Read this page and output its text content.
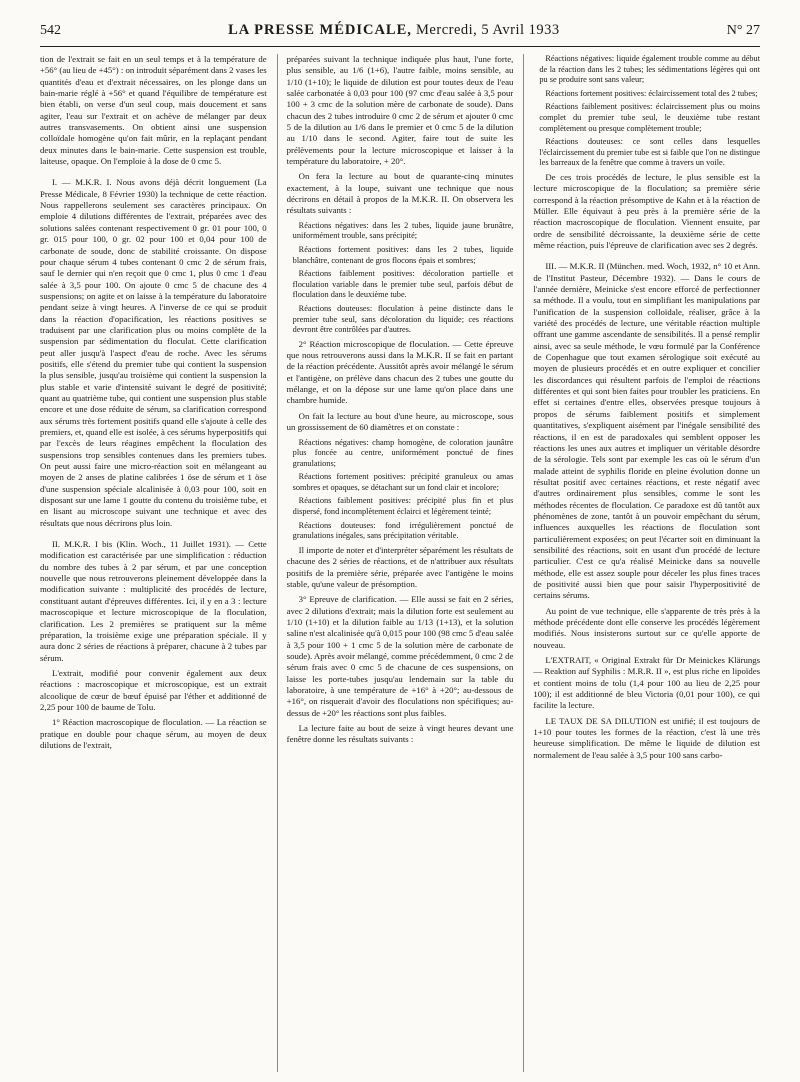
542	LA PRESSE MÉDICALE, Mercredi, 5 Avril 1933	N° 27

tion de l'extrait se fait en un seul temps et à la température de +56° (au lieu de +45°) : on introduit séparément dans 2 vases les quantités d'eau et d'extrait nécessaires, on les plonge dans un bain-marie réglé à +56° et quand l'équilibre de température est bien établi, on verse d'un seul coup, mais doucement et sans agiter, l'eau sur l'extrait et on achève de mélanger par deux autres transvasements. On obtient ainsi une suspension colloïdale homogène qu'on fait mûrir, en la replaçant pendant deux minutes dans le bain-marie. Cette suspension est trouble, laiteuse, opaque. On l'emploie à la dose de 0 cmc 5.

I. — M.K.R. I. Nous avons déjà décrit longuement (La Presse Médicale, 8 Février 1930) la technique de cette réaction. Nous rappellerons seulement ses caractères principaux. On emploie 4 dilutions différentes de l'extrait, préparées avec des solutions salées contenant respectivement 0 gr. 01 pour 100, 0 gr. 015 pour 100, 0 gr. 02 pour 100 et 0,04 pour 100 de carbonate de soude, donc de stabilité croissante. On dispose pour chaque sérum 4 tubes contenant 0 cmc 2 de sérum frais, sauf le dernier qui n'en reçoit que 0 cmc 1, plus 0 cmc 1 d'eau salée à 3,5 pour 100. On ajoute 0 cmc 5 de chacune des 4 suspensions; on agite et on laisse à la température du laboratoire pendant seize à vingt heures. A l'inverse de ce qui se produit dans la réaction d'opacification, les réactions positives se traduisent par une clarification plus ou moins complète de la suspension par sédimentation du floculat. Cette clarification peut aller jusqu'à l'aspect d'eau de roche. Avec les sérums positifs, elle s'étend du premier tube qui contient la suspension la plus sensible, jusqu'au troisième qui contient la suspension la plus stable et varie d'intensité suivant le degré de positivité; quant au quatrième tube, qui contient une suspension plus stable encore et une dose réduite de sérum, sa clarification correspond aux sérums très fortement positifs quand elle s'ajoute à celle des premiers, et, quand elle est isolée, à ces sérums hyperpositifs qui par l'excès de leurs réagines empêchent la floculation des suspensions trop sensibles contenues dans les premiers tubes. On peut aussi faire une micro-réaction soit en mélangeant au moyen de 2 anses de platine calibrées 1 öse de sérum et 1 öse d'une suspension spéciale alcalinisée à 0,03 pour 100, soit en disposant sur une lame 1 goutte du contenu du troisième tube, et en lisant au microscope suivant une technique et avec des résultats que nous décrirons plus loin.

II. M.K.R. I bis (Klin. Woch., 11 Juillet 1931). — Cette modification est caractérisée par une simplification : réduction du nombre des tubes à 2 par sérum, et par une conception nouvelle que nous retrouverons pleinement développée dans la modification suivante : multiplicité des procédés de lecture, constituant autant d'épreuves différentes. Ici, il y en a 3 : lecture macroscopique et lecture microscopique de la floculation, clarification. Les 2 premières se pratiquent sur la même préparation, la troisième exige une préparation spéciale. Il y aura donc 2 séries de réactions à préparer, chacune à 2 tubes par sérum.

L'extrait, modifié pour convenir également aux deux réactions : macroscopique et microscopique, est un extrait alcoolique de cœur de bœuf épuisé par l'éther et additionné de 2,25 pour 100 de baume de Tolu.

1° Réaction macroscopique de floculation. — La réaction se pratique en double pour chaque sérum, au moyen de deux dilutions de l'extrait,

préparées suivant la technique indiquée plus haut, l'une forte, plus sensible, au 1/6 (1+6), l'autre faible, moins sensible, au 1/10 (1+10); le liquide de dilution est pour toutes deux de l'eau salée carbonatée à 0,03 pour 100 (97 cmc d'eau salée à 3,5 pour 100 + 3 cmc de la solution mère de carbonate de soude). Dans chacun des 2 tubes introduire 0 cmc 2 de sérum et ajouter 0 cmc 5 de la dilution au 1/6 dans le premier et 0 cmc 5 de la dilution au 1/10 dans le second. Agiter, faire tout de suite les prélèvements pour la lecture microscopique et laisser à la température du laboratoire, + 20°.

On fera la lecture au bout de quarante-cinq minutes exactement, à la loupe, suivant une technique que nous décrirons en détail à propos de la M.K.R. II. On observera les résultats suivants :

Réactions négatives: dans les 2 tubes, liquide jaune brunâtre, uniformément trouble, sans précipité;

Réactions fortement positives: dans les 2 tubes, liquide blanchâtre, contenant de gros flocons épais et sombres;

Réactions faiblement positives: décoloration partielle et floculation variable dans le premier tube seul, parfois début de floculation dans le deuxième tube.

Réactions douteuses: floculation à peine distincte dans le premier tube seul, sans décoloration du liquide; ces réactions devront être contrôlées par d'autres.

2° Réaction microscopique de floculation. — Cette épreuve que nous retrouverons aussi dans la M.K.R. II se fait en partant de la réaction précédente. Aussitôt après avoir mélangé le sérum et l'antigène, on prélève dans chacun des 2 tubes une goutte du mélange, et on la dépose sur une lame qu'on place dans une chambre humide.

On fait la lecture au bout d'une heure, au microscope, sous un grossissement de 60 diamètres et on constate :

Réactions négatives: champ homogène, de coloration jaunâtre plus foncée au centre, uniformément ponctué de fines granulations;

Réactions fortement positives: précipité granuleux ou amas sombres et opaques, se détachant sur un fond clair et incolore;

Réactions faiblement positives: précipité plus fin et plus dispersé, fond incomplètement éclairci et légèrement teinté;

Réactions douteuses: fond irrégulièrement ponctué de granulations inégales, sans précipitation véritable.

Il importe de noter et d'interpréter séparément les résultats de chacune des 2 séries de réactions, et de n'attribuer aux résultats positifs de la première série, préparée avec l'antigène le moins stable, qu'une valeur de présomption.

3° Epreuve de clarification. — Elle aussi se fait en 2 séries, avec 2 dilutions d'extrait; mais la dilution forte est seulement au 1/10 (1+10) et la dilution faible au 1/13 (1+13), et la solution saline n'est alcalinisée qu'à 0,015 pour 100 (98 cmc 5 d'eau salée à 3,5 pour 100 + 1 cmc 5 de la solution mère de carbonate de soude). Après avoir mélangé, comme précédemment, 0 cmc 2 de sérum frais avec 0 cmc 5 de chacune de ces suspensions, on laisse les porte-tubes jusqu'au lendemain sur la table du laboratoire, à une température de +16° à +20°; au-dessous de +16°, on risquerait d'avoir des floculations non spécifiques; au-dessus de +20° les réactions sont plus faibles.

La lecture faite au bout de seize à vingt heures devant une fenêtre donne les résultats suivants :

Réactions négatives: liquide également trouble comme au début de la réaction dans les 2 tubes; les sédimentations légères qui ont pu se produire sont sans valeur;

Réactions fortement positives: éclaircissement total des 2 tubes;

Réactions faiblement positives: éclaircissement plus ou moins complet du premier tube seul, le deuxième tube restant complètement ou presque complètement trouble;

Réactions douteuses: ce sont celles dans lesquelles l'éclaircissement du premier tube est si faible que l'on ne distingue les barreaux de la fenêtre que comme à travers un voile.

De ces trois procédés de lecture, le plus sensible est la lecture microscopique de la floculation; sa première série correspond à la réaction présomptive de Kahn et à la réaction de Müller. Elle équivaut à peu près à la première série de la réaction macroscopique de floculation. Viennent ensuite, par ordre de sensibilité décroissante, la deuxième série de cette même réaction, puis l'épreuve de clarification avec ses 2 degrés.

III. — M.K.R. II (München. med. Woch, 1932, n° 10 et Ann. de l'Institut Pasteur, Décembre 1932). — Dans le cours de l'année dernière, Meinicke s'est encore efforcé de perfectionner sa méthode. Il a voulu, tout en simplifiant les manipulations par l'unification de la suspension colloïdale, réaliser, grâce à la variété des procédés de lecture, une véritable réaction multiple offrant une gamme ascendante de sensibilités. Il a pensé remplir ainsi, avec sa seule méthode, le vœu formulé par la Conférence de Copenhague que tout examen sérologique soit exécuté au moyen de plusieurs procédés et en outre expliquer et concilier les discordances qui résultent parfois de l'emploi de réactions différentes et qui sont bien faites pour troubler les praticiens. En effet si certaines d'entre elles, observées presque toujours à propos de sérums faiblement positifs et simplement quantitatives, s'expliquent aisément par l'inégale sensibilité des réactions, il en est de paradoxales qui semblent opposer les réactions les unes aux autres et impliquer un véritable désordre de la sérologie. Tels sont par exemple les cas où le sérum d'un malade atteint de syphilis floride en pleine évolution donne un résultat positif avec certaines réactions, et reste négatif avec d'autres ordinairement plus sensibles, comme le sont les méthodes récentes de floculation. Ce paradoxe est dû tantôt aux phénomènes de zone, tantôt à un pouvoir empêchant du sérum, influences auxquelles les réactions de floculation sont particulièrement exposées; on peut l'écarter soit en diminuant la sensibilité des réactions, soit en usant d'un procédé de lecture particulier. C'est ce qu'a réalisé Meinicke dans sa nouvelle méthode, elle est assez souple pour déceler les plus fines traces de positivité aussi bien que pour saisir l'hyperpositivité de certains sérums.

Au point de vue technique, elle s'apparente de très près à la méthode précédente dont elle conserve les procédés légèrement modifiés. Nous insisterons surtout sur ce qu'elle apporte de nouveau.

L'EXTRAIT, « Original Extrakt für Dr Meinickes Klärungs — Reaktion auf Syphilis : M.R.R. II », est plus riche en lipoïdes et contient moins de tolu (1,4 pour 100 au lieu de 2,25 pour 100); il est additionné de bleu Victoria (0,01 pour 100), ce qui facilite la lecture.

LE TAUX DE SA DILUTION est unifié; il est toujours de 1+10 pour toutes les formes de la réaction, c'est là une très heureuse simplification. De même le liquide de dilution est normalement de l'eau salée à 3,5 pour 100 sans carbo-
